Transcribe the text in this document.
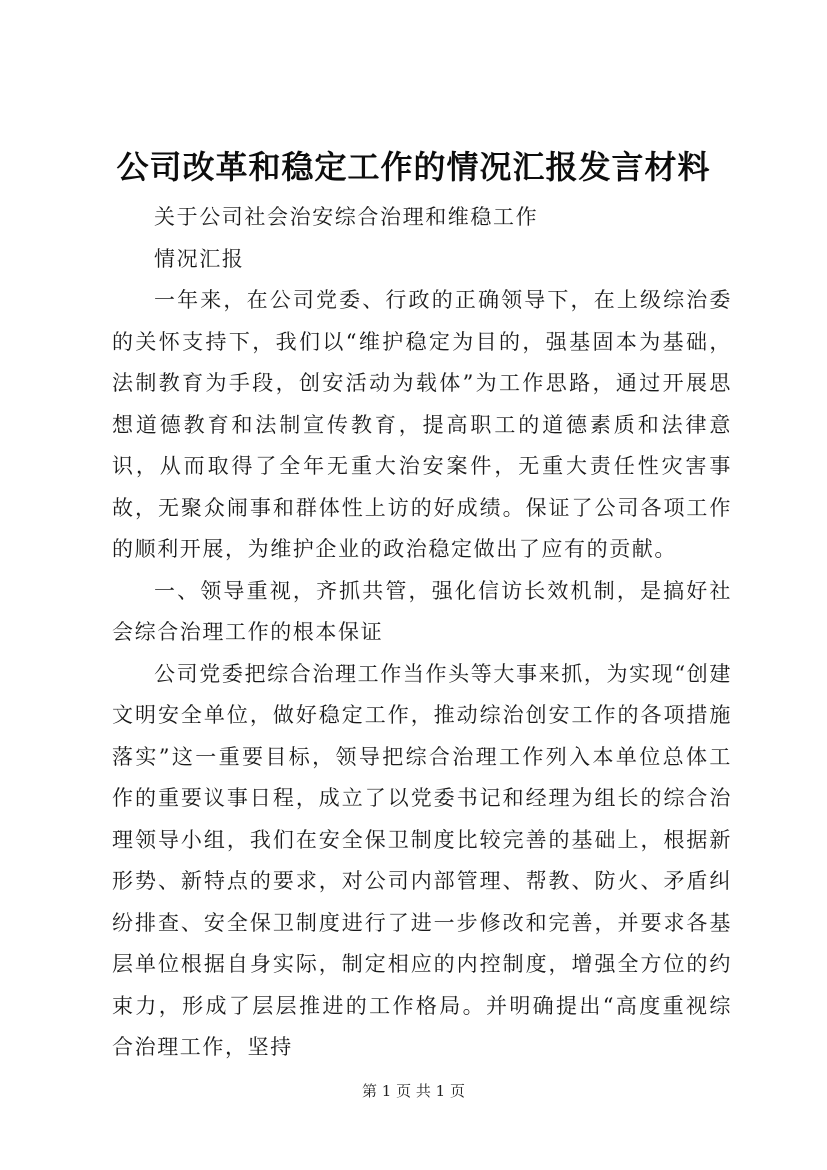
公司改革和稳定工作的情况汇报发言材料

关于公司社会治安综合治理和维稳工作

情况汇报

一年来，在公司党委、行政的正确领导下，在上级综治委的关怀支持下，我们以“维护稳定为目的，强基固本为基础，法制教育为手段，创安活动为载体”为工作思路，通过开展思想道德教育和法制宣传教育，提高职工的道德素质和法律意识，从而取得了全年无重大治安案件，无重大责任性灾害事故，无聚众闹事和群体性上访的好成绩。保证了公司各项工作的顺利开展，为维护企业的政治稳定做出了应有的贡献。

一、领导重视，齐抓共管，强化信访长效机制，是搞好社会综合治理工作的根本保证

公司党委把综合治理工作当作头等大事来抓，为实现“创建文明安全单位，做好稳定工作，推动综治创安工作的各项措施落实”这一重要目标，领导把综合治理工作列入本单位总体工作的重要议事日程，成立了以党委书记和经理为组长的综合治理领导小组，我们在安全保卫制度比较完善的基础上，根据新形势、新特点的要求，对公司内部管理、帮教、防火、矛盾纠纷排查、安全保卫制度进行了进一步修改和完善，并要求各基层单位根据自身实际，制定相应的内控制度，增强全方位的约束力，形成了层层推进的工作格局。并明确提出“高度重视综合治理工作，坚持

第 1 页 共 1 页
